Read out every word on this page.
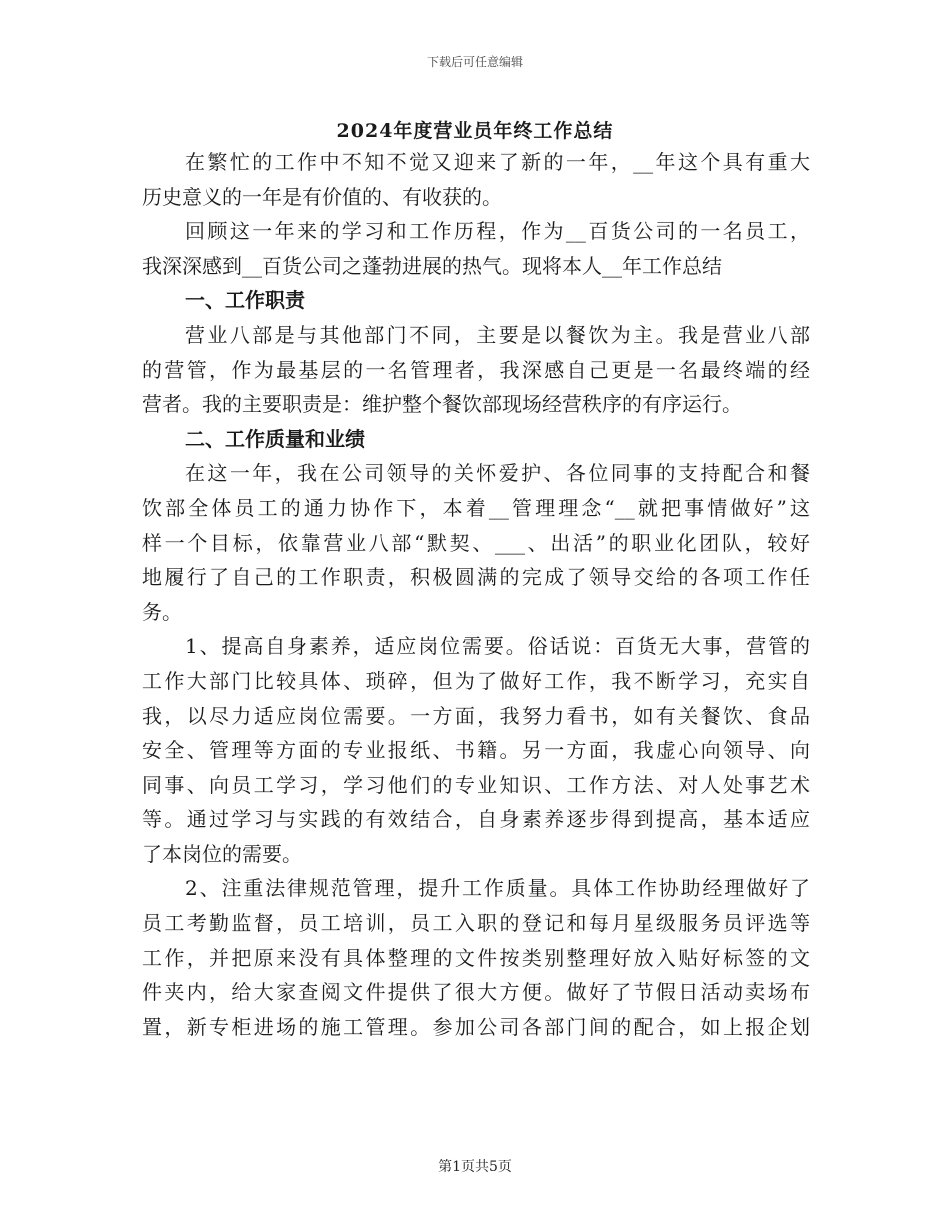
下载后可任意编辑
2024年度营业员年终工作总结

在繁忙的工作中不知不觉又迎来了新的一年，__年这个具有重大
历史意义的一年是有价值的、有收获的。

回顾这一年来的学习和工作历程，作为__百货公司的一名员工，
我深深感到__百货公司之蓬勃进展的热气。现将本人__年工作总结

一、工作职责

营业八部是与其他部门不同，主要是以餐饮为主。我是营业八部
的营管，作为最基层的一名管理者，我深感自己更是一名最终端的经
营者。我的主要职责是：维护整个餐饮部现场经营秩序的有序运行。

二、工作质量和业绩

在这一年，我在公司领导的关怀爱护、各位同事的支持配合和餐
饮部全体员工的通力协作下，本着__管理理念“__就把事情做好”这
样一个目标，依靠营业八部“默契、___、出活”的职业化团队，较好
地履行了自己的工作职责，积极圆满的完成了领导交给的各项工作任
务。

1、提高自身素养，适应岗位需要。俗话说：百货无大事，营管的
工作大部门比较具体、琐碎，但为了做好工作，我不断学习，充实自
我，以尽力适应岗位需要。一方面，我努力看书，如有关餐饮、食品
安全、管理等方面的专业报纸、书籍。另一方面，我虚心向领导、向
同事、向员工学习，学习他们的专业知识、工作方法、对人处事艺术
等。通过学习与实践的有效结合，自身素养逐步得到提高，基本适应
了本岗位的需要。

2、注重法律规范管理，提升工作质量。具体工作协助经理做好了
员工考勤监督，员工培训，员工入职的登记和每月星级服务员评选等
工作，并把原来没有具体整理的文件按类别整理好放入贴好标签的文
件夹内，给大家查阅文件提供了很大方便。做好了节假日活动卖场布
置，新专柜进场的施工管理。参加公司各部门间的配合，如上报企划

第1页共5页
